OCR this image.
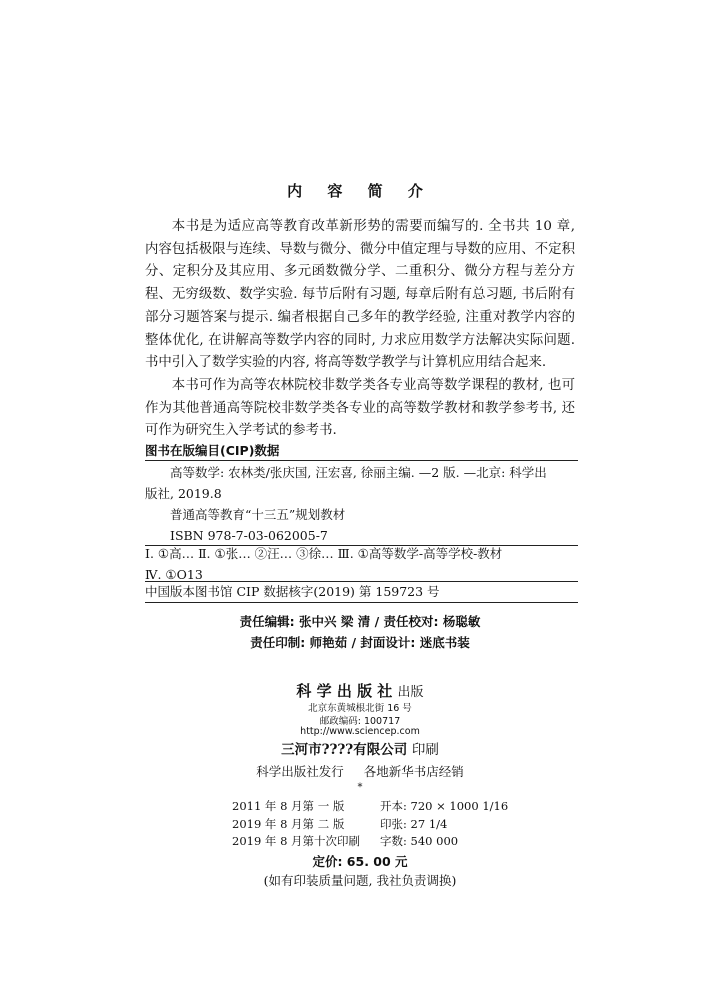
内 容 简 介

本书是为适应高等教育改革新形势的需要而编写的. 全书共 10 章, 内容包括极限与连续、导数与微分、微分中值定理与导数的应用、不定积分、定积分及其应用、多元函数微分学、二重积分、微分方程与差分方程、无穷级数、数学实验. 每节后附有习题, 每章后附有总习题, 书后附有部分习题答案与提示. 编者根据自己多年的教学经验, 注重对教学内容的整体优化, 在讲解高等数学内容的同时, 力求应用数学方法解决实际问题. 书中引入了数学实验的内容, 将高等数学教学与计算机应用结合起来.

本书可作为高等农林院校非数学类各专业高等数学课程的教材, 也可作为其他普通高等院校非数学类各专业的高等数学教材和教学参考书, 还可作为研究生入学考试的参考书.

图书在版编目(CIP)数据
高等数学: 农林类/张庆国, 汪宏喜, 徐丽主编. —2 版. —北京: 科学出
版社, 2019.8
普通高等教育“十三五”规划教材
ISBN 978-7-03-062005-7
Ⅰ. ①高… Ⅱ. ①张… ②汪… ③徐… Ⅲ. ①高等数学-高等学校-教材
Ⅳ. ①O13
中国版本图书馆 CIP 数据核字(2019) 第 159723 号
责任编辑: 张中兴 梁 清 / 责任校对: 杨聪敏
责任印制: 师艳茹 / 封面设计: 迷底书装
科 学 出 版 社 出版
北京东黄城根北街 16 号
邮政编码: 100717
http://www.sciencep.com
三河市????有限公司 印刷
科学出版社发行 各地新华书店经销
*
2011 年 8 月第 一 版	开本: 720 × 1000 1/16
2019 年 8 月第 二 版	印张: 27 1/4
2019 年 8 月第十次印刷 字数: 540 000
定价: 65. 00 元
(如有印装质量问题, 我社负责调换)
